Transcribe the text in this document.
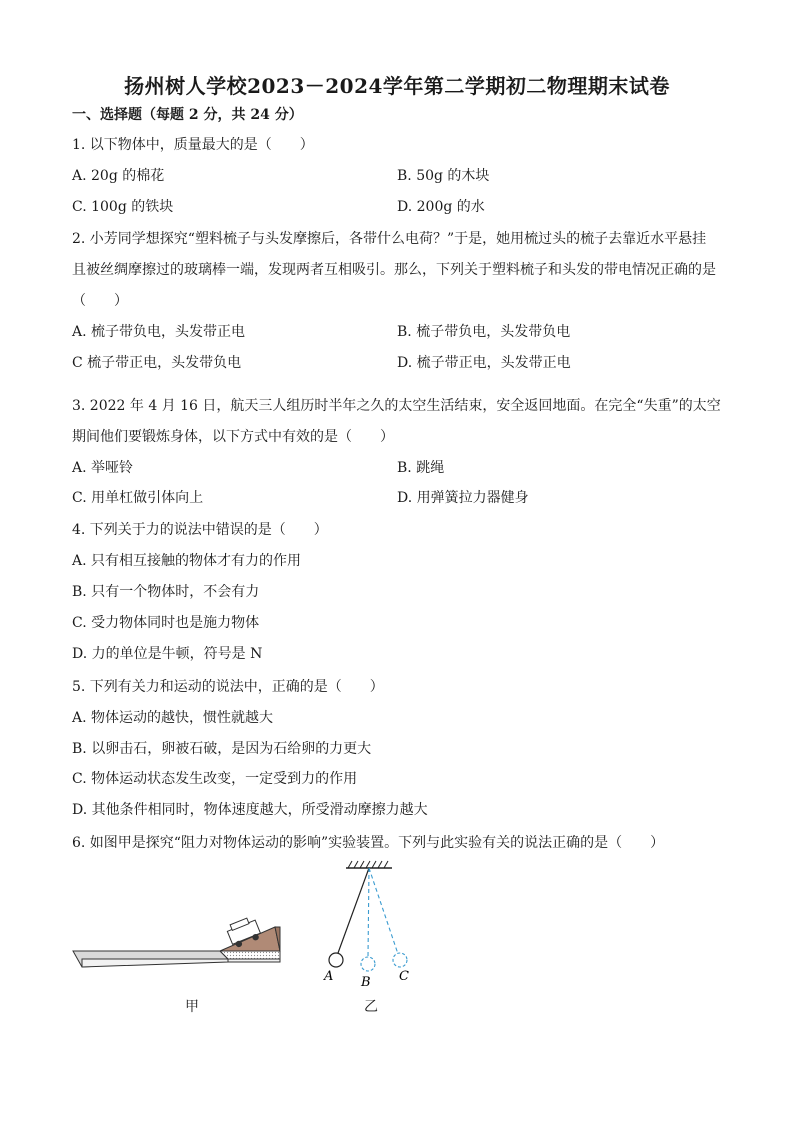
扬州树人学校2023－2024学年第二学期初二物理期末试卷
一、选择题（每题 2 分，共 24 分）
1. 以下物体中，质量最大的是（　　）
A. 20g 的棉花	B. 50g 的木块
C. 100g 的铁块	D. 200g 的水
2. 小芳同学想探究“塑料梳子与头发摩擦后，各带什么电荷？”于是，她用梳过头的梳子去靠近水平悬挂
且被丝绸摩擦过的玻璃棒一端，发现两者互相吸引。那么，下列关于塑料梳子和头发的带电情况正确的是
（　　）
A. 梳子带负电，头发带正电	B. 梳子带负电，头发带负电
C 梳子带正电，头发带负电	D. 梳子带正电，头发带正电
3. 2022 年 4 月 16 日，航天三人组历时半年之久的太空生活结束，安全返回地面。在完全“失重”的太空
期间他们要锻炼身体，以下方式中有效的是（　　）
A. 举哑铃	B. 跳绳
C. 用单杠做引体向上	D. 用弹簧拉力器健身
4. 下列关于力的说法中错误的是（　　）
A. 只有相互接触的物体才有力的作用
B. 只有一个物体时，不会有力
C. 受力物体同时也是施力物体
D. 力的单位是牛顿，符号是 N
5. 下列有关力和运动的说法中，正确的是（　　）
A. 物体运动的越快，惯性就越大
B. 以卵击石，卵被石破，是因为石给卵的力更大
C. 物体运动状态发生改变，一定受到力的作用
D. 其他条件相同时，物体速度越大，所受滑动摩擦力越大
6. 如图甲是探究“阻力对物体运动的影响”实验装置。下列与此实验有关的说法正确的是（　　）
甲
A B C
乙
